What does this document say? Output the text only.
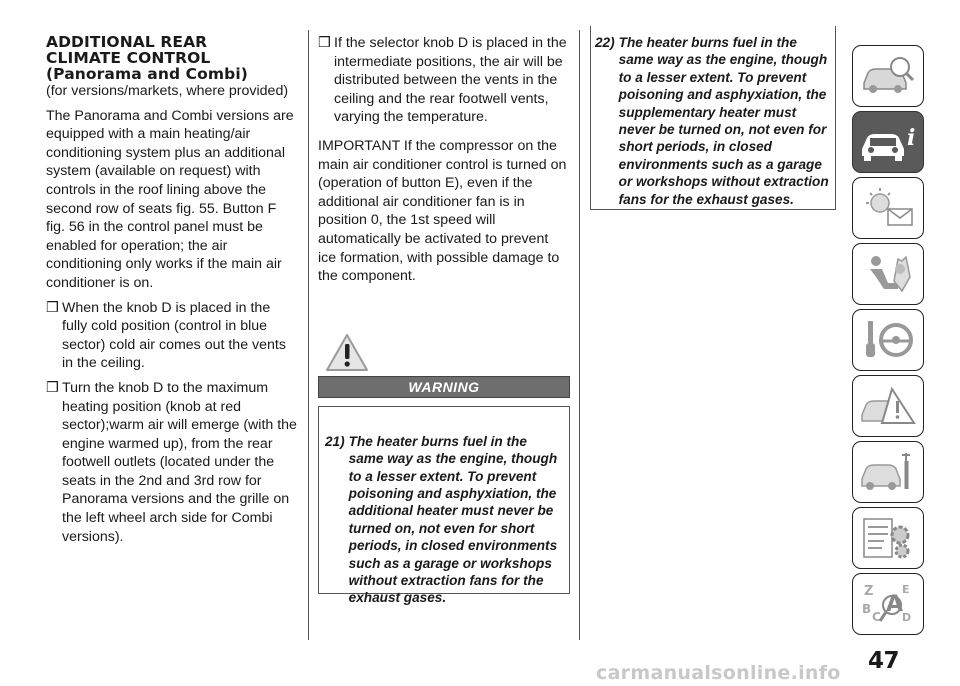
ADDITIONAL REAR
CLIMATE CONTROL
(Panorama and Combi)
(for versions/markets, where provided)

The Panorama and Combi versions are equipped with a main heating/air conditioning system plus an additional system (available on request) with controls in the roof lining above the second row of seats fig. 55. Button F fig. 56 in the control panel must be enabled for operation; the air conditioning only works if the main air conditioner is on.

❒ When the knob D is placed in the fully cold position (control in blue sector) cold air comes out the vents in the ceiling.
❒ Turn the knob D to the maximum heating position (knob at red sector);warm air will emerge (with the engine warmed up), from the rear footwell outlets (located under the seats in the 2nd and 3rd row for Panorama versions and the grille on the left wheel arch side for Combi versions).
❒ If the selector knob D is placed in the intermediate positions, the air will be distributed between the vents in the ceiling and the rear footwell vents, varying the temperature.

IMPORTANT If the compressor on the main air conditioner control is turned on (operation of button E), even if the additional air conditioner fan is in position 0, the 1st speed will automatically be activated to prevent ice formation, with possible damage to the component.

WARNING
21) The heater burns fuel in the same way as the engine, though to a lesser extent. To prevent poisoning and asphyxiation, the additional heater must never be turned on, not even for short periods, in closed environments such as a garage or workshops without extraction fans for the exhaust gases.
22) The heater burns fuel in the same way as the engine, though to a lesser extent. To prevent poisoning and asphyxiation, the supplementary heater must never be turned on, not even for short periods, in closed environments such as a garage or workshops without extraction fans for the exhaust gases.
i
Z	E
B
C D
A
47
carmanualsonline.info
